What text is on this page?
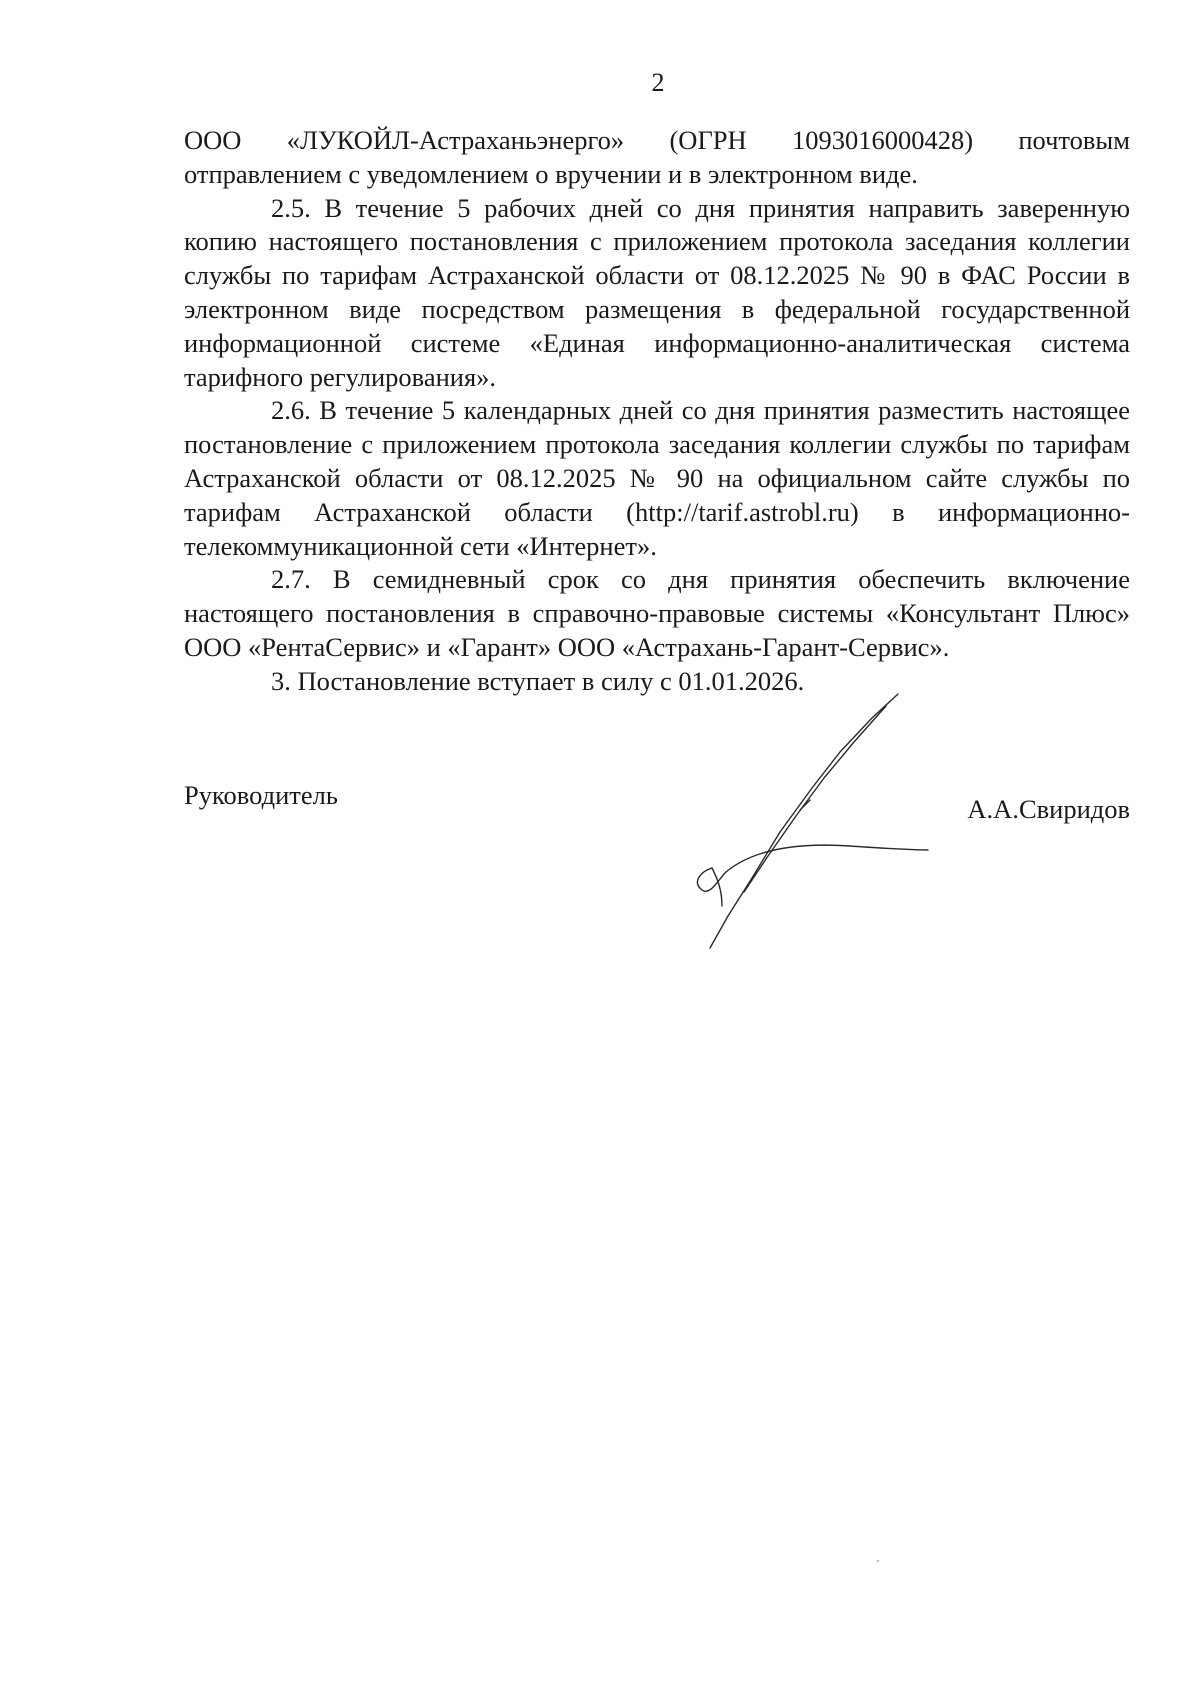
2

ООО «ЛУКОЙЛ-Астраханьэнерго» (ОГРН 1093016000428) почтовым отправлением с уведомлением о вручении и в электронном виде.

2.5. В течение 5 рабочих дней со дня принятия направить заверенную копию настоящего постановления с приложением протокола заседания коллегии службы по тарифам Астраханской области от 08.12.2025 № 90 в ФАС России в электронном виде посредством размещения в федеральной государственной информационной системе «Единая информационно-аналитическая система тарифного регулирования».

2.6. В течение 5 календарных дней со дня принятия разместить настоящее постановление с приложением протокола заседания коллегии службы по тарифам Астраханской области от 08.12.2025 № 90 на официальном сайте службы по тарифам Астраханской области (http://tarif.astrobl.ru) в информационно-телекоммуникационной сети «Интернет».

2.7. В семидневный срок со дня принятия обеспечить включение настоящего постановления в справочно-правовые системы «Консультант Плюс» ООО «РентаСервис» и «Гарант» ООО «Астрахань-Гарант-Сервис».

3. Постановление вступает в силу с 01.01.2026.

Руководитель	А.А.Свиридов
